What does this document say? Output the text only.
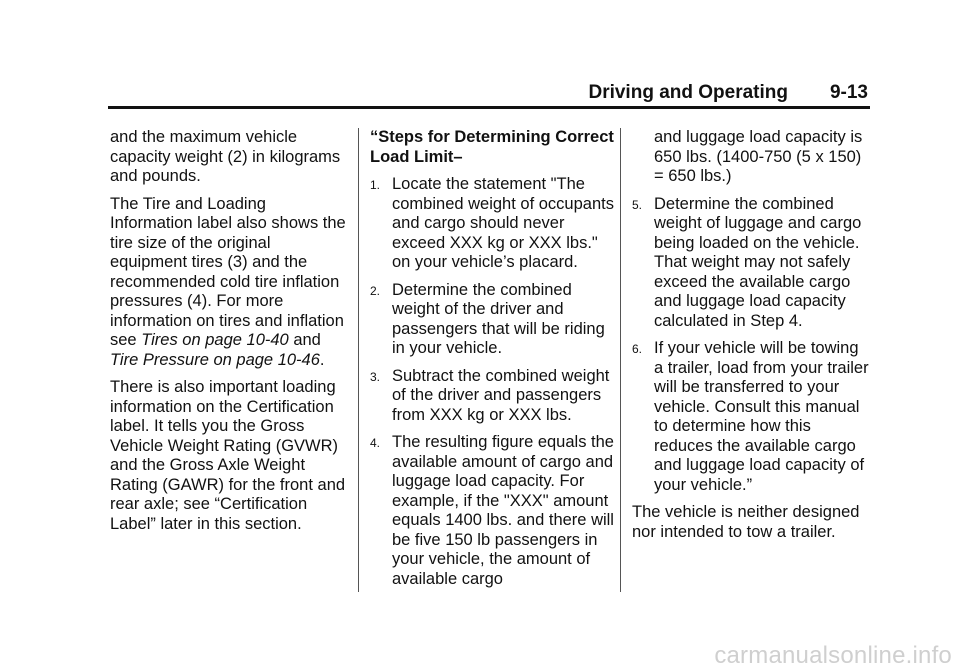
Driving and Operating 9-13

and the maximum vehicle capacity weight (2) in kilograms and pounds.

The Tire and Loading Information label also shows the tire size of the original equipment tires (3) and the recommended cold tire inflation pressures (4). For more information on tires and inflation see Tires on page 10-40 and Tire Pressure on page 10-46.

There is also important loading information on the Certification label. It tells you the Gross Vehicle Weight Rating (GVWR) and the Gross Axle Weight Rating (GAWR) for the front and rear axle; see “Certification Label” later in this section.

“Steps for Determining Correct Load Limit–
1. Locate the statement "The combined weight of occupants and cargo should never exceed XXX kg or XXX lbs." on your vehicle’s placard.
2. Determine the combined weight of the driver and passengers that will be riding in your vehicle.
3. Subtract the combined weight of the driver and passengers from XXX kg or XXX lbs.
4. The resulting figure equals the available amount of cargo and luggage load capacity. For example, if the "XXX" amount equals 1400 lbs. and there will be five 150 lb passengers in your vehicle, the amount of available cargo
and luggage load capacity is 650 lbs. (1400-750 (5 x 150) = 650 lbs.)
5. Determine the combined weight of luggage and cargo being loaded on the vehicle. That weight may not safely exceed the available cargo and luggage load capacity calculated in Step 4.
6. If your vehicle will be towing a trailer, load from your trailer will be transferred to your vehicle. Consult this manual to determine how this reduces the available cargo and luggage load capacity of your vehicle.”

The vehicle is neither designed nor intended to tow a trailer.

carmanualsonline.info
